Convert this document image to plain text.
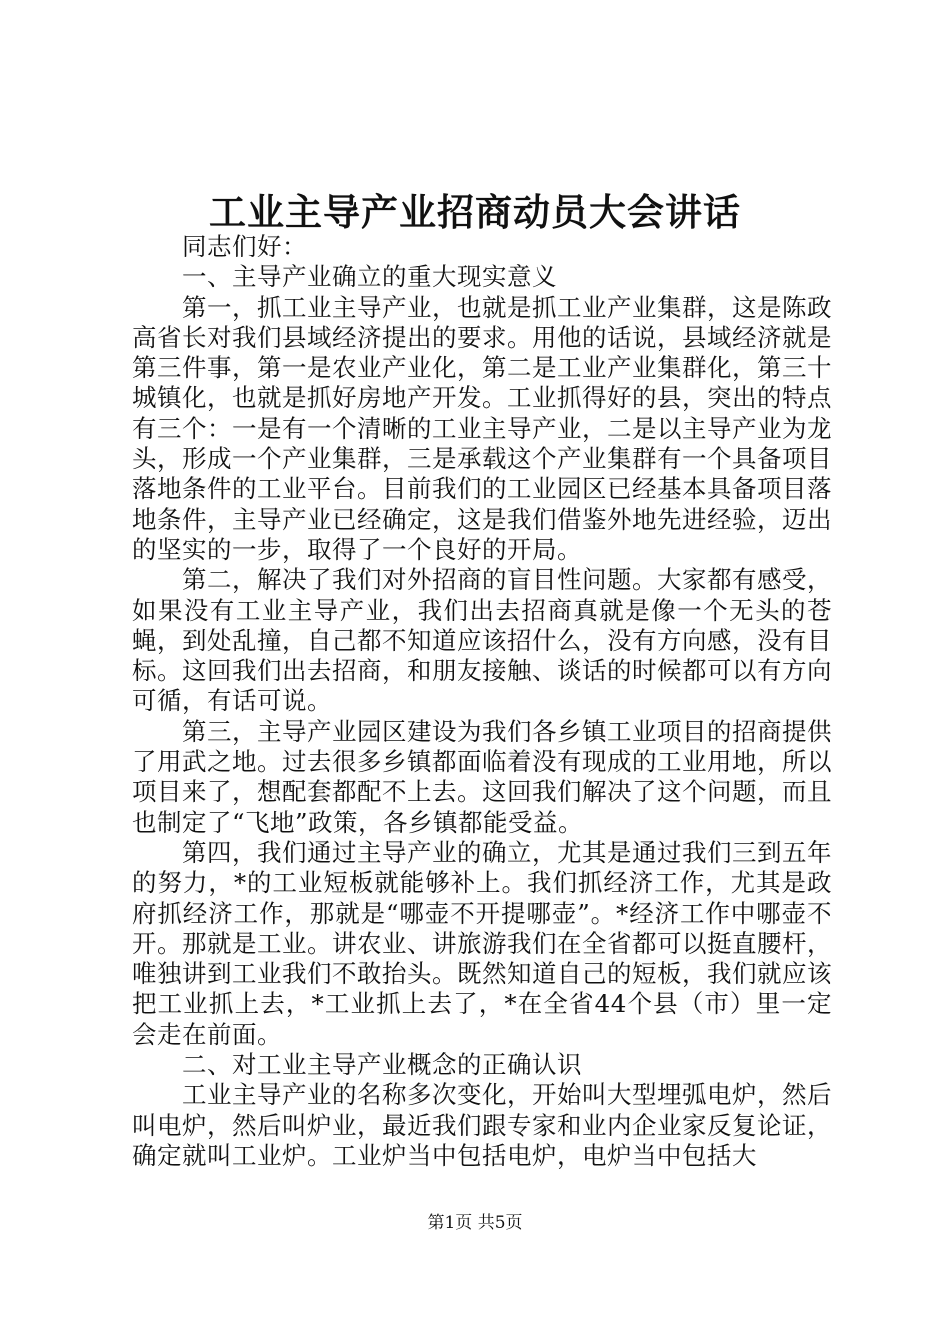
工业主导产业招商动员大会讲话

同志们好：

一、主导产业确立的重大现实意义

第一，抓工业主导产业，也就是抓工业产业集群，这是陈政高省长对我们县域经济提出的要求。用他的话说，县域经济就是第三件事，第一是农业产业化，第二是工业产业集群化，第三十城镇化，也就是抓好房地产开发。工业抓得好的县，突出的特点有三个：一是有一个清晰的工业主导产业，二是以主导产业为龙头，形成一个产业集群，三是承载这个产业集群有一个具备项目落地条件的工业平台。目前我们的工业园区已经基本具备项目落地条件，主导产业已经确定，这是我们借鉴外地先进经验，迈出的坚实的一步，取得了一个良好的开局。

第二，解决了我们对外招商的盲目性问题。大家都有感受，如果没有工业主导产业，我们出去招商真就是像一个无头的苍蝇，到处乱撞，自己都不知道应该招什么，没有方向感，没有目标。这回我们出去招商，和朋友接触、谈话的时候都可以有方向可循，有话可说。

第三，主导产业园区建设为我们各乡镇工业项目的招商提供了用武之地。过去很多乡镇都面临着没有现成的工业用地，所以项目来了，想配套都配不上去。这回我们解决了这个问题，而且也制定了“飞地”政策，各乡镇都能受益。

第四，我们通过主导产业的确立，尤其是通过我们三到五年的努力，*的工业短板就能够补上。我们抓经济工作，尤其是政府抓经济工作，那就是“哪壶不开提哪壶”。*经济工作中哪壶不开。那就是工业。讲农业、讲旅游我们在全省都可以挺直腰杆，唯独讲到工业我们不敢抬头。既然知道自己的短板，我们就应该把工业抓上去，*工业抓上去了，*在全省44个县（市）里一定会走在前面。

二、对工业主导产业概念的正确认识

工业主导产业的名称多次变化，开始叫大型埋弧电炉，然后叫电炉，然后叫炉业，最近我们跟专家和业内企业家反复论证，确定就叫工业炉。工业炉当中包括电炉，电炉当中包括大

第1页 共5页
